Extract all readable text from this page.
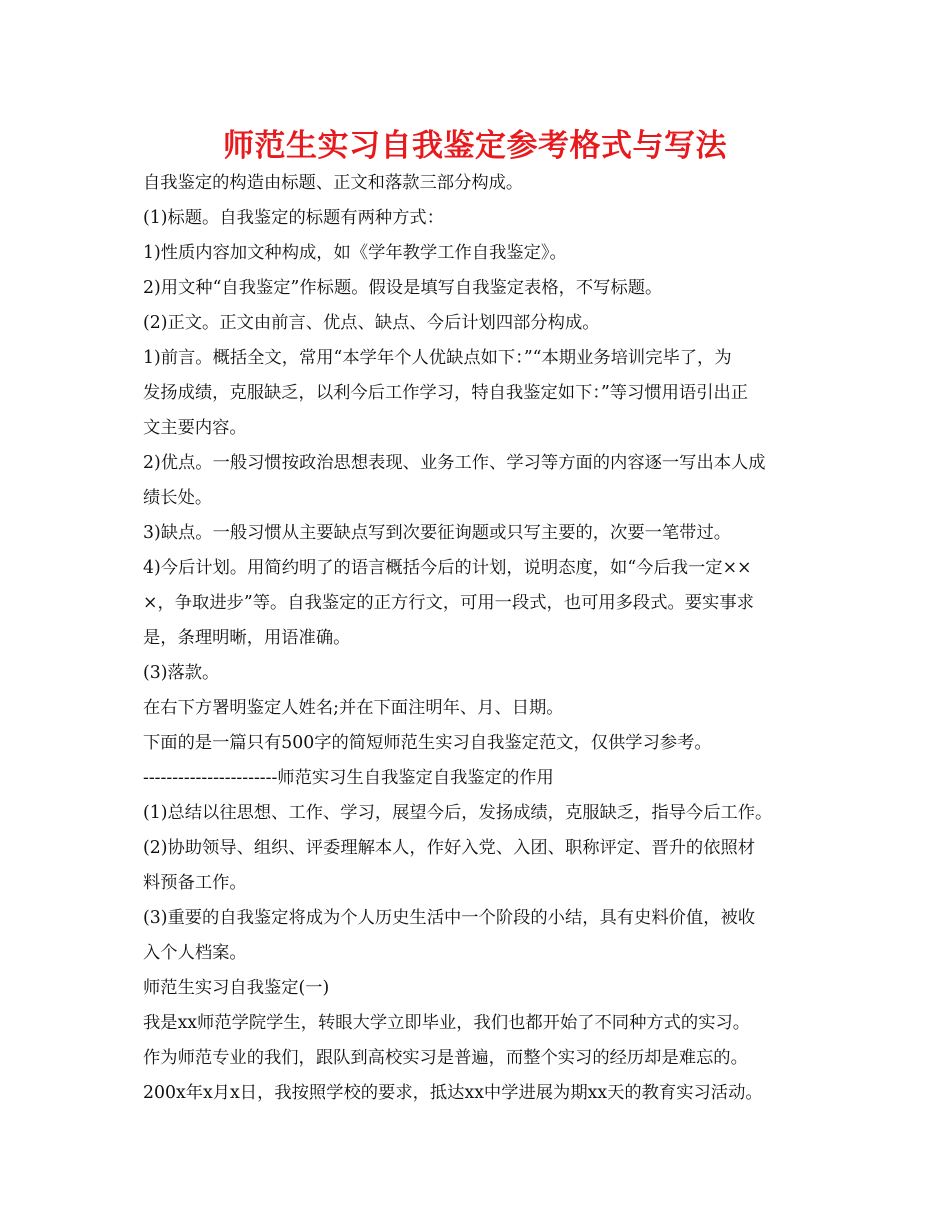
师范生实习自我鉴定参考格式与写法

自我鉴定的构造由标题、正文和落款三部分构成。

(1)标题。自我鉴定的标题有两种方式：

1)性质内容加文种构成，如《学年教学工作自我鉴定》。

2)用文种“自我鉴定”作标题。假设是填写自我鉴定表格，不写标题。

(2)正文。正文由前言、优点、缺点、今后计划四部分构成。

1)前言。概括全文，常用“本学年个人优缺点如下：”“本期业务培训完毕了，为

发扬成绩，克服缺乏，以利今后工作学习，特自我鉴定如下：”等习惯用语引出正

文主要内容。

2)优点。一般习惯按政治思想表现、业务工作、学习等方面的内容逐一写出本人成

绩长处。

3)缺点。一般习惯从主要缺点写到次要征询题或只写主要的，次要一笔带过。

4)今后计划。用简约明了的语言概括今后的计划，说明态度，如“今后我一定××

×，争取进步”等。自我鉴定的正方行文，可用一段式，也可用多段式。要实事求

是，条理明晰，用语准确。

(3)落款。

在右下方署明鉴定人姓名;并在下面注明年、月、日期。

下面的是一篇只有500字的简短师范生实习自我鉴定范文，仅供学习参考。

-----------------------师范实习生自我鉴定自我鉴定的作用

(1)总结以往思想、工作、学习，展望今后，发扬成绩，克服缺乏，指导今后工作。

(2)协助领导、组织、评委理解本人，作好入党、入团、职称评定、晋升的依照材

料预备工作。

(3)重要的自我鉴定将成为个人历史生活中一个阶段的小结，具有史料价值，被收

入个人档案。

师范生实习自我鉴定(一)

我是xx师范学院学生，转眼大学立即毕业，我们也都开始了不同种方式的实习。

作为师范专业的我们，跟队到高校实习是普遍，而整个实习的经历却是难忘的。

200x年x月x日，我按照学校的要求，抵达xx中学进展为期xx天的教育实习活动。
